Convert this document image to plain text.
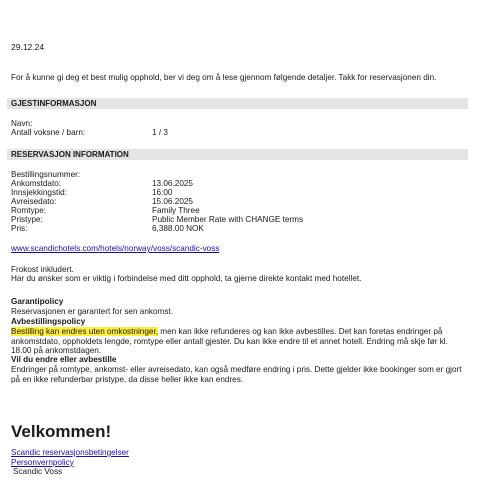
29.12.24
For å kunne gi deg et best mulig opphold, ber vi deg om å lese gjennom følgende detaljer. Takk for reservasjonen din.
GJESTINFORMASJON
Navn:
Antall voksne / barn:	1 / 3
RESERVASJON INFORMATION
Bestillingsnummer:
Ankomstdato:	13.06.2025
Innsjekkingstid:	16:00
Avreisedato:	15.06.2025
Romtype:	Family Three
Pristype:	Public Member Rate with CHANGE terms
Pris:	6,388.00 NOK
www.scandichotels.com/hotels/norway/voss/scandic-voss
Frokost inkludert.
Har du ønsker som er viktig i forbindelse med ditt opphold, ta gjerne direkte kontakt med hotellet.
Garantipolicy
Reservasjonen er garantert for sen ankomst.
Avbestillingspolicy
Bestilling kan endres uten omkostninger, men kan ikke refunderes og kan ikke avbestilles. Det kan foretas endringer på ankomstdato, oppholdets lengde, romtype eller antall gjester. Du kan ikke endre til et annet hotell. Endring må skje før kl. 18.00 på ankomstdagen.
Vil du endre eller avbestille
Endringer på romtype, ankomst- eller avreisedato, kan også medføre endring i pris. Dette gjelder ikke bookinger som er gjort på en ikke refunderbar pristype, da disse heller ikke kan endres.
Velkommen!
Scandic reservasjonsbetingelser
Personvernpolicy
Scandic Voss
